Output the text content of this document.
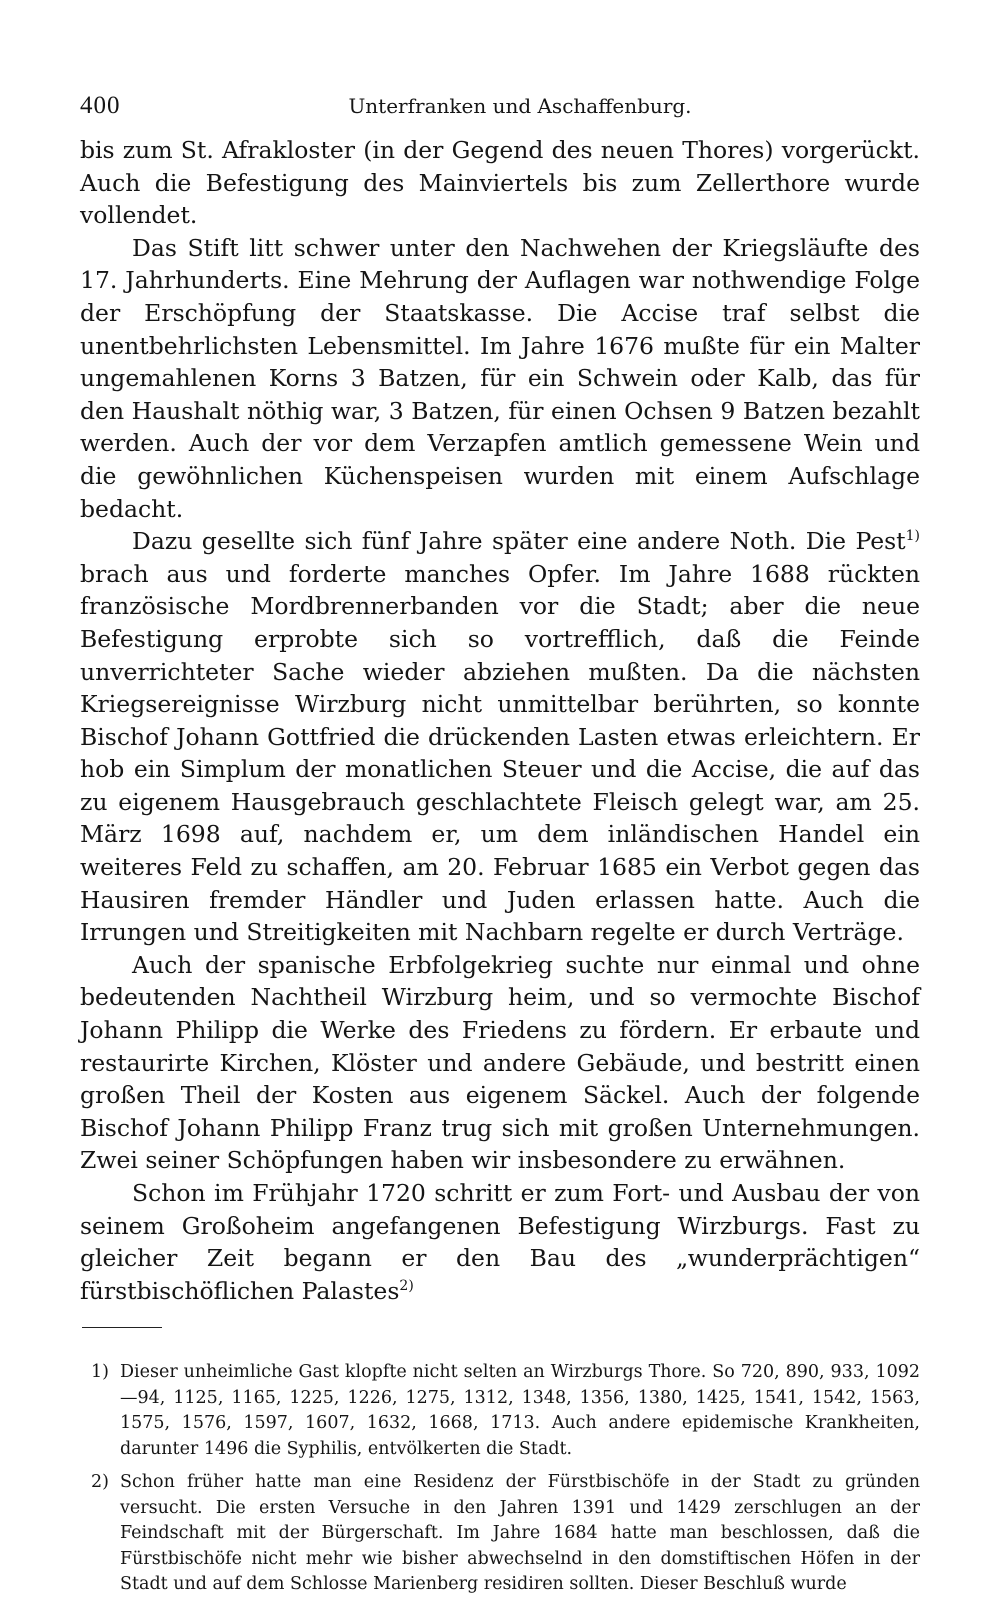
400	Unterfranken und Aschaffenburg.

bis zum St. Afrakloster (in der Gegend des neuen Thores) vorgerückt. Auch die Befestigung des Mainviertels bis zum Zellerthore wurde vollendet.

Das Stift litt schwer unter den Nachwehen der Kriegsläufte des 17. Jahrhunderts. Eine Mehrung der Auflagen war nothwendige Folge der Erschöpfung der Staatskasse. Die Accise traf selbst die unentbehrlichsten Lebensmittel. Im Jahre 1676 mußte für ein Malter ungemahlenen Korns 3 Batzen, für ein Schwein oder Kalb, das für den Haushalt nöthig war, 3 Batzen, für einen Ochsen 9 Batzen bezahlt werden. Auch der vor dem Verzapfen amtlich gemessene Wein und die gewöhnlichen Küchenspeisen wurden mit einem Aufschlage bedacht.

Dazu gesellte sich fünf Jahre später eine andere Noth. Die Pest$^{1)}$ brach aus und forderte manches Opfer. Im Jahre 1688 rückten französische Mordbrennerbanden vor die Stadt; aber die neue Befestigung erprobte sich so vortrefflich, daß die Feinde unverrichteter Sache wieder abziehen mußten. Da die nächsten Kriegsereignisse Wirzburg nicht unmittelbar berührten, so konnte Bischof Johann Gottfried die drückenden Lasten etwas erleichtern. Er hob ein Simplum der monatlichen Steuer und die Accise, die auf das zu eigenem Hausgebrauch geschlachtete Fleisch gelegt war, am 25. März 1698 auf, nachdem er, um dem inländischen Handel ein weiteres Feld zu schaffen, am 20. Februar 1685 ein Verbot gegen das Hausiren fremder Händler und Juden erlassen hatte. Auch die Irrungen und Streitigkeiten mit Nachbarn regelte er durch Verträge.

Auch der spanische Erbfolgekrieg suchte nur einmal und ohne bedeutenden Nachtheil Wirzburg heim, und so vermochte Bischof Johann Philipp die Werke des Friedens zu fördern. Er erbaute und restaurirte Kirchen, Klöster und andere Gebäude, und bestritt einen großen Theil der Kosten aus eigenem Säckel. Auch der folgende Bischof Johann Philipp Franz trug sich mit großen Unternehmungen. Zwei seiner Schöpfungen haben wir insbesondere zu erwähnen.

Schon im Frühjahr 1720 schritt er zum Fort- und Ausbau der von seinem Großoheim angefangenen Befestigung Wirzburgs. Fast zu gleicher Zeit begann er den Bau des „wunderprächtigen“ fürstbischöflichen Palastes$^{2)}$

1) Dieser unheimliche Gast klopfte nicht selten an Wirzburgs Thore. So 720, 890, 933, 1092—94, 1125, 1165, 1225, 1226, 1275, 1312, 1348, 1356, 1380, 1425, 1541, 1542, 1563, 1575, 1576, 1597, 1607, 1632, 1668, 1713. Auch andere epidemische Krankheiten, darunter 1496 die Syphilis, entvölkerten die Stadt.

2) Schon früher hatte man eine Residenz der Fürstbischöfe in der Stadt zu gründen versucht. Die ersten Versuche in den Jahren 1391 und 1429 zerschlugen an der Feindschaft mit der Bürgerschaft. Im Jahre 1684 hatte man beschlossen, daß die Fürstbischöfe nicht mehr wie bisher abwechselnd in den domstiftischen Höfen in der Stadt und auf dem Schlosse Marienberg residiren sollten. Dieser Beschluß wurde
